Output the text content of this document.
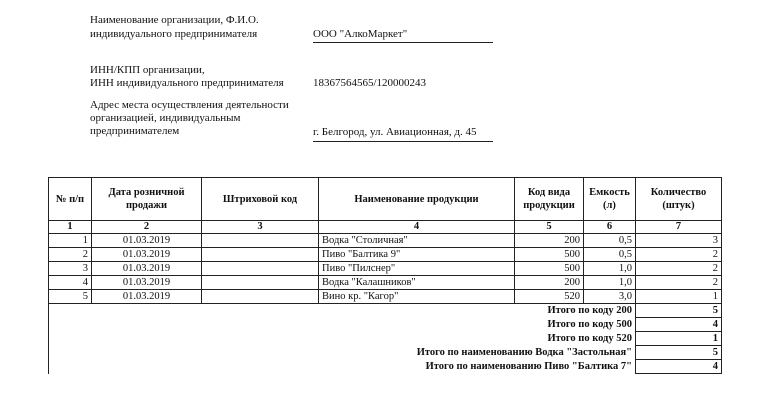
Наименование организации, Ф.И.О.
индивидуального предпринимателя	ООО "АлкоМаркет"
ИНН/КПП организации,
ИНН индивидуального предпринимателя	18367564565/120000243
Адрес места осуществления деятельности
организацией, индивидуальным
предпринимателем	г. Белгород, ул. Авиационная, д. 45
№ п/п	Дата розничной продажи	Штриховой код	Наименование продукции	Код вида продукции	Емкость (л)	Количество (штук)
1	2	3	4	5	6	7
1	01.03.2019		Водка "Столичная"	200	0,5	3
2	01.03.2019		Пиво "Балтика 9"	500	0,5	2
3	01.03.2019		Пиво "Пилснер"	500	1,0	2
4	01.03.2019		Водка "Калашников"	200	1,0	2
5	01.03.2019		Вино кр. "Кагор"	520	3,0	1
	Итого по коду 200					5
	Итого по коду 500					4
	Итого по коду 520					1
	Итого по наименованию Водка "Застольная"					5
	Итого по наименованию Пиво "Балтика 7"					4
